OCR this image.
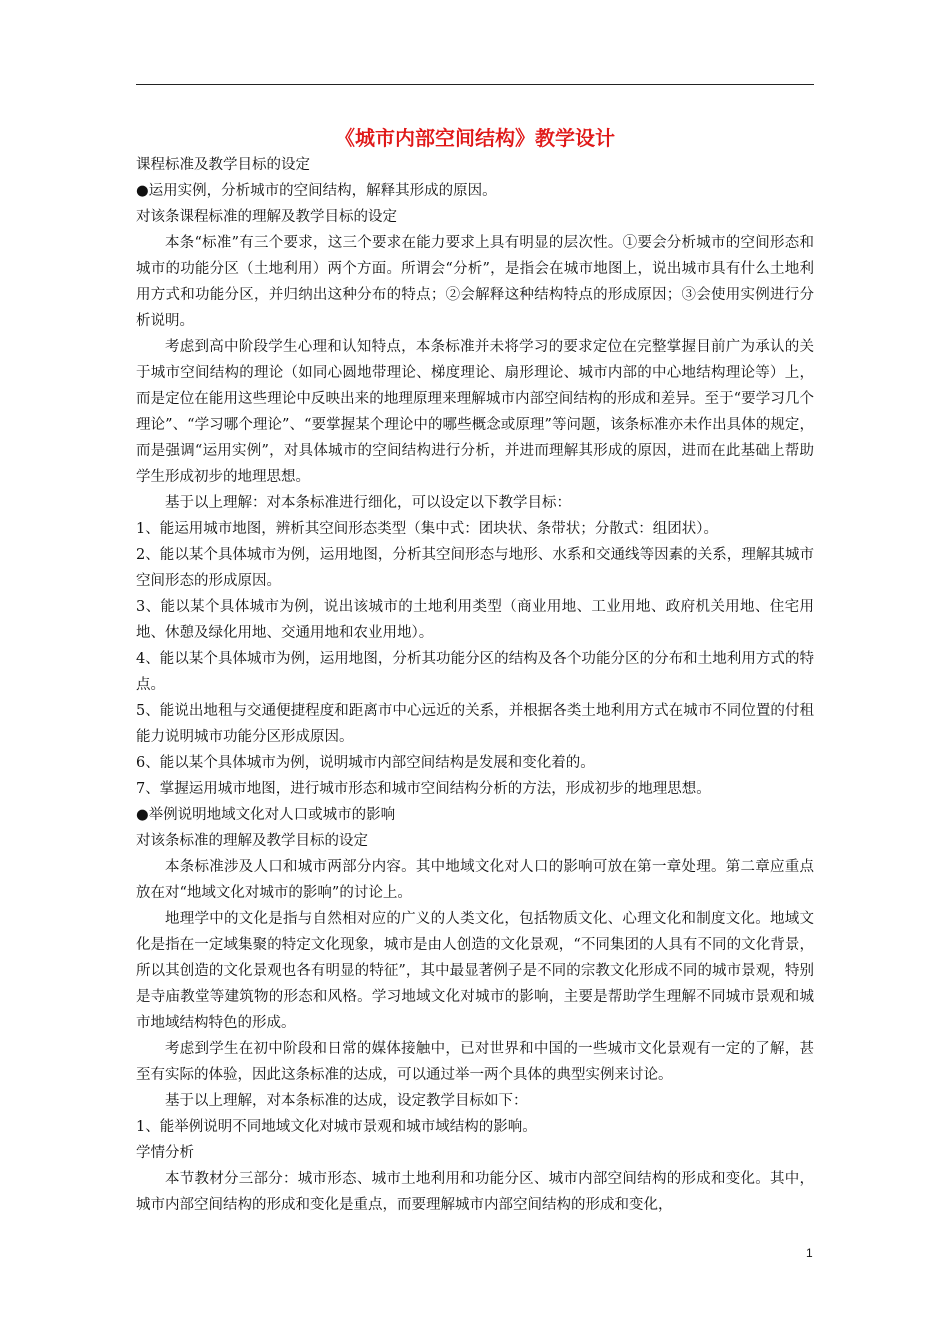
《城市内部空间结构》教学设计

课程标准及教学目标的设定

●运用实例，分析城市的空间结构，解释其形成的原因。

对该条课程标准的理解及教学目标的设定

本条“标准”有三个要求，这三个要求在能力要求上具有明显的层次性。①要会分析城市的空间形态和城市的功能分区（土地利用）两个方面。所谓会“分析”，是指会在城市地图上，说出城市具有什么土地利用方式和功能分区，并归纳出这种分布的特点；②会解释这种结构特点的形成原因；③会使用实例进行分析说明。

考虑到高中阶段学生心理和认知特点，本条标准并未将学习的要求定位在完整掌握目前广为承认的关于城市空间结构的理论（如同心圆地带理论、梯度理论、扇形理论、城市内部的中心地结构理论等）上，而是定位在能用这些理论中反映出来的地理原理来理解城市内部空间结构的形成和差异。至于“要学习几个理论”、“学习哪个理论”、“要掌握某个理论中的哪些概念或原理”等问题，该条标准亦未作出具体的规定，而是强调“运用实例”，对具体城市的空间结构进行分析，并进而理解其形成的原因，进而在此基础上帮助学生形成初步的地理思想。

基于以上理解：对本条标准进行细化，可以设定以下教学目标：

1、能运用城市地图，辨析其空间形态类型（集中式：团块状、条带状；分散式：组团状）。

2、能以某个具体城市为例，运用地图，分析其空间形态与地形、水系和交通线等因素的关系，理解其城市空间形态的形成原因。

3、能以某个具体城市为例，说出该城市的土地利用类型（商业用地、工业用地、政府机关用地、住宅用地、休憩及绿化用地、交通用地和农业用地）。

4、能以某个具体城市为例，运用地图，分析其功能分区的结构及各个功能分区的分布和土地利用方式的特点。

5、能说出地租与交通便捷程度和距离市中心远近的关系，并根据各类土地利用方式在城市不同位置的付租能力说明城市功能分区形成原因。

6、能以某个具体城市为例，说明城市内部空间结构是发展和变化着的。

7、掌握运用城市地图，进行城市形态和城市空间结构分析的方法，形成初步的地理思想。

●举例说明地域文化对人口或城市的影响

对该条标准的理解及教学目标的设定

本条标准涉及人口和城市两部分内容。其中地域文化对人口的影响可放在第一章处理。第二章应重点放在对“地域文化对城市的影响”的讨论上。

地理学中的文化是指与自然相对应的广义的人类文化，包括物质文化、心理文化和制度文化。地域文化是指在一定域集聚的特定文化现象，城市是由人创造的文化景观，“不同集团的人具有不同的文化背景，所以其创造的文化景观也各有明显的特征”，其中最显著例子是不同的宗教文化形成不同的城市景观，特别是寺庙教堂等建筑物的形态和风格。学习地域文化对城市的影响，主要是帮助学生理解不同城市景观和城市地域结构特色的形成。

考虑到学生在初中阶段和日常的媒体接触中，已对世界和中国的一些城市文化景观有一定的了解，甚至有实际的体验，因此这条标准的达成，可以通过举一两个具体的典型实例来讨论。

基于以上理解，对本条标准的达成，设定教学目标如下：

1、能举例说明不同地域文化对城市景观和城市域结构的影响。

学情分析

本节教材分三部分：城市形态、城市土地利用和功能分区、城市内部空间结构的形成和变化。其中，城市内部空间结构的形成和变化是重点，而要理解城市内部空间结构的形成和变化，

1
